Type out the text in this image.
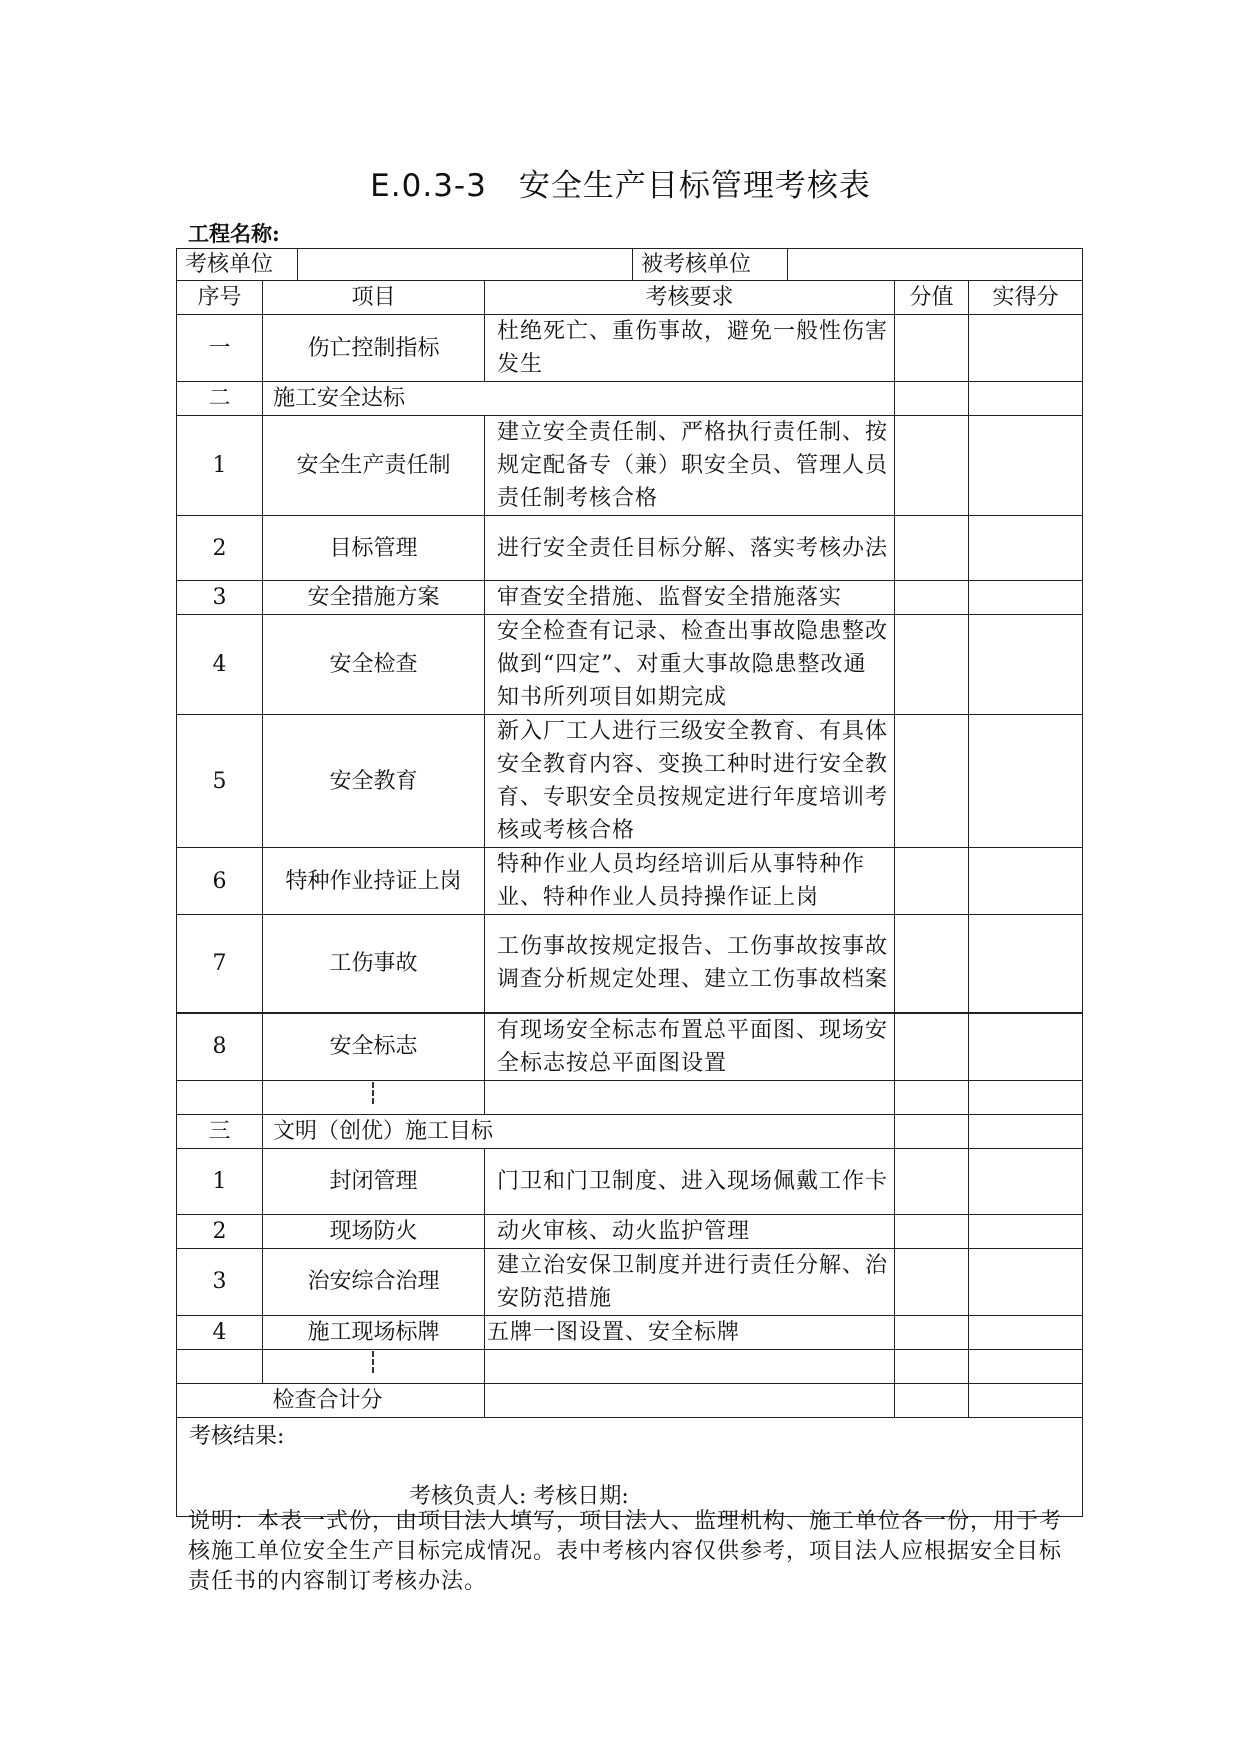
E.0.3-3　安全生产目标管理考核表
工程名称:
考核单位 被考核单位				

序号	项目	考核要求	分值	实得分
一	伤亡控制指标	杜绝死亡、重伤事故，避免一般性伤害发生		
二	施工安全达标			
1	安全生产责任制	建立安全责任制、严格执行责任制、按规定配备专（兼）职安全员、管理人员责任制考核合格		
2	目标管理	进行安全责任目标分解、落实考核办法		
3	安全措施方案	审查安全措施、监督安全措施落实		
4	安全检查	安全检查有记录、检查出事故隐患整改做到“四定”、对重大事故隐患整改通知书所列项目如期完成		
5	安全教育	新入厂工人进行三级安全教育、有具体安全教育内容、变换工种时进行安全教育、专职安全员按规定进行年度培训考核或考核合格		
6	特种作业持证上岗	特种作业人员均经培训后从事特种作业、特种作业人员持操作证上岗		
7	工伤事故	工伤事故按规定报告、工伤事故按事故调查分析规定处理、建立工伤事故档案		
8	安全标志	有现场安全标志布置总平面图、现场安全标志按总平面图设置		

三	文明（创优）施工目标			
1	封闭管理	门卫和门卫制度、进入现场佩戴工作卡		
2	现场防火	动火审核、动火监护管理		
3	治安综合治理	建立治安保卫制度并进行责任分解、治安防范措施		
4	施工现场标牌	五牌一图设置、安全标牌		

检查合计分				

考核结果:
考核负责人: 考核日期:				
说明：本表一式份，由项目法人填写，项目法人、监理机构、施工单位各一份，用于考核施工单位安全生产目标完成情况。表中考核内容仅供参考，项目法人应根据安全目标责任书的内容制订考核办法。
